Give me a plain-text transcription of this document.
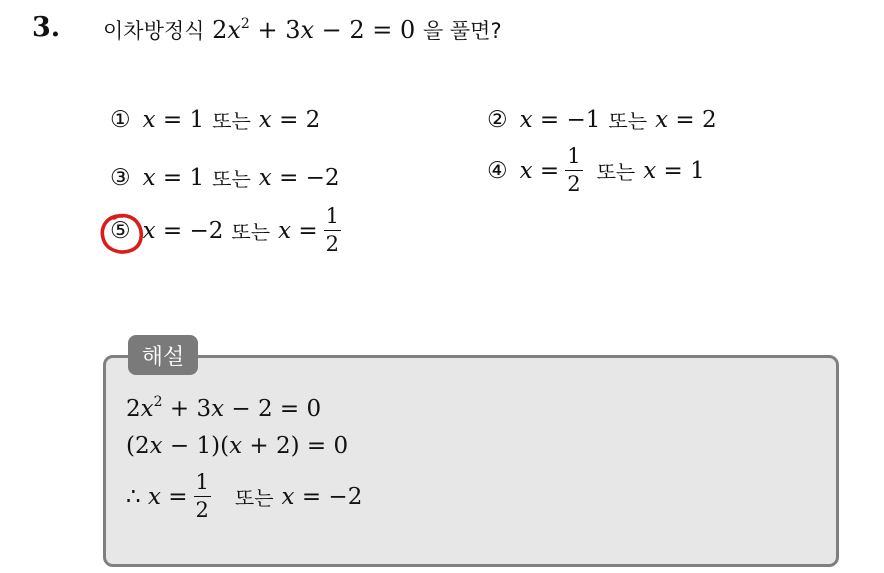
3. 이차방정식 $2x^2 + 3x - 2 = 0$ 을 풀면?
① x = 1 또는 x = 2	② x = −1 또는 x = 2
③ x = 1 또는 x = −2	④ $x = \frac{1}{2}$ 또는 x = 1
⑤ x = −2 또는 $x = \frac{1}{2}$
해설
$2x^2 + 3x - 2 = 0$
(2x − 1)(x + 2) = 0
∴ $x = \frac{1}{2}$ 또는 x = −2
